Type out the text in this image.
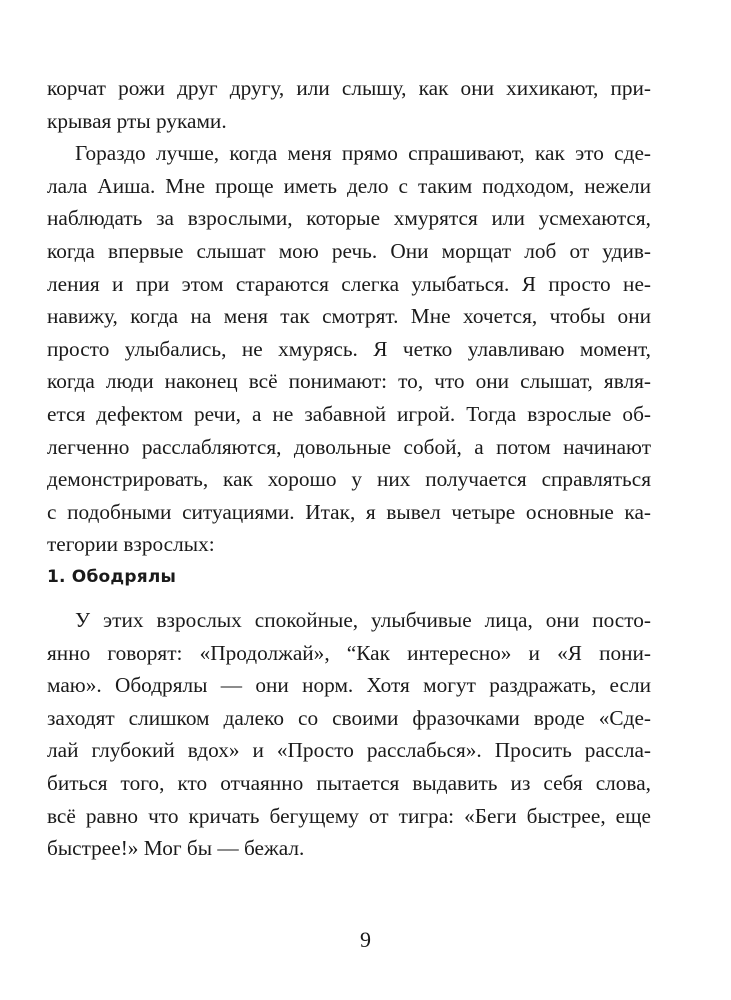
корчат рожи друг другу, или слышу, как они хихикают, при-
крывая рты руками.
Гораздо лучше, когда меня прямо спрашивают, как это сде-
лала Аиша. Мне проще иметь дело с таким подходом, нежели
наблюдать за взрослыми, которые хмурятся или усмехаются,
когда впервые слышат мою речь. Они морщат лоб от удив-
ления и при этом стараются слегка улыбаться. Я просто не-
навижу, когда на меня так смотрят. Мне хочется, чтобы они
просто улыбались, не хмурясь. Я четко улавливаю момент,
когда люди наконец всё понимают: то, что они слышат, явля-
ется дефектом речи, а не забавной игрой. Тогда взрослые об-
легченно расслабляются, довольные собой, а потом начинают
демонстрировать, как хорошо у них получается справляться
с подобными ситуациями. Итак, я вывел четыре основные ка-
тегории взрослых:
1. Ободрялы
У этих взрослых спокойные, улыбчивые лица, они посто-
янно говорят: «Продолжай», “Как интересно» и «Я пони-
маю». Ободрялы — они норм. Хотя могут раздражать, если
заходят слишком далеко со своими фразочками вроде «Сде-
лай глубокий вдох» и «Просто расслабься». Просить рассла-
биться того, кто отчаянно пытается выдавить из себя слова,
всё равно что кричать бегущему от тигра: «Беги быстрее, еще
быстрее!» Мог бы — бежал.
9
